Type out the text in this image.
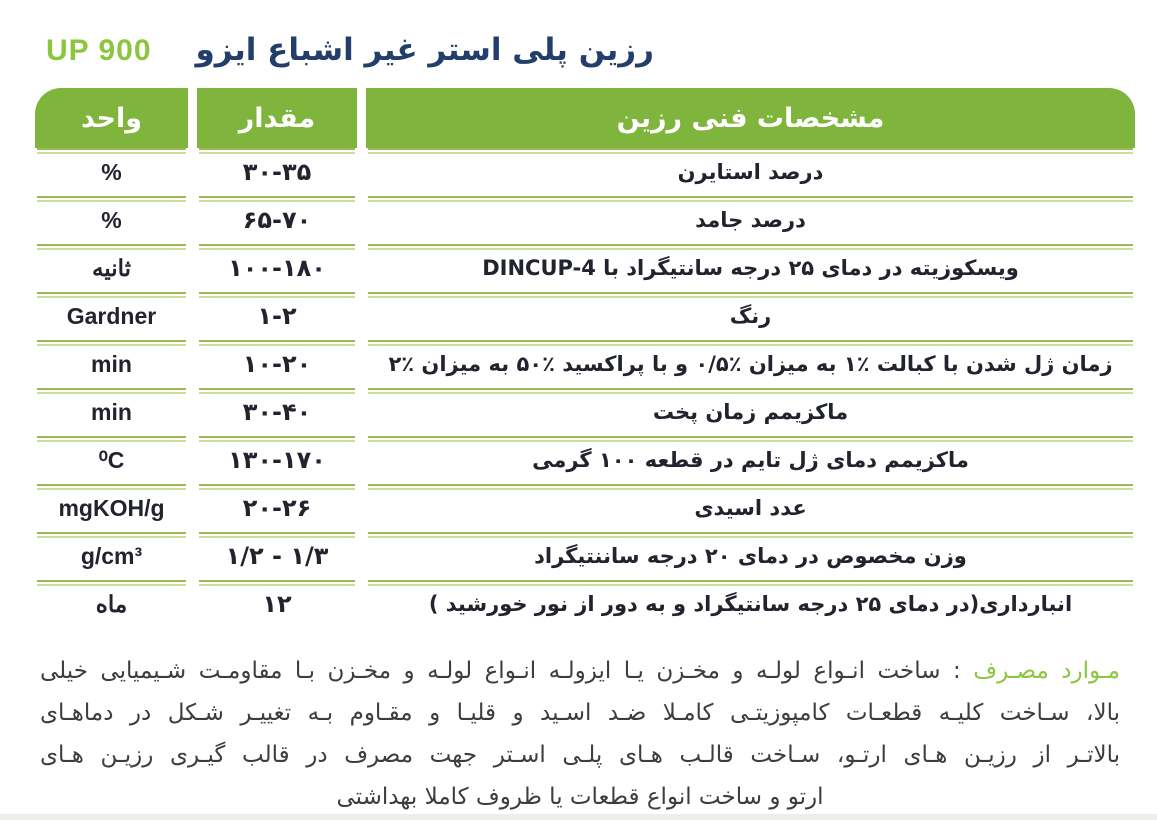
UP 900 رزین پلی استر غیر اشباع ایزو
واحد	مقدار	مشخصات فنی رزین
%	۳۰-۳۵	درصد استایرن
%	۶۵-۷۰	درصد جامد
ثانیه	۱۰۰-۱۸۰	ویسکوزیته در دمای ۲۵ درجه سانتیگراد با DINCUP-4
Gardner	۱-۲	رنگ
min	۱۰-۲۰	زمان ژل شدن با کبالت ٪۱ به میزان ٪۰/۵ و با پراکسید ٪۵۰ به میزان ٪۲
min	۳۰-۴۰	ماکزیمم زمان پخت
⁰C	۱۳۰-۱۷۰	ماکزیمم دمای ژل تایم در قطعه ۱۰۰ گرمی
mgKOH/g	۲۰-۲۶	عدد اسیدی
g/cm³	۱/۲ - ۱/۳	وزن مخصوص در دمای ۲۰ درجه ساننتیگراد
ماه	۱۲	انبارداری(در دمای ۲۵ درجه سانتیگراد و به دور از نور خورشید )
مـوارد مصـرف : ساخت انـواع لولـه و مخـزن یـا ایزولـه انـواع لولـه و مخـزن بـا مقاومـت شـیمیایی خیلی
بالا، سـاخت کلیـه قطعـات کامپوزیتـی کامـلا ضـد اسـید و قلیـا و مقـاوم بـه تغییـر شـکل در دماهـای
بالاتـر از رزیـن هـای ارتـو، سـاخت قالـب هـای پلـی اسـتر جهت مصرف در قالب گیـری رزیـن هـای
ارتو و ساخت انواع قطعات یا ظروف کاملا بهداشتی
